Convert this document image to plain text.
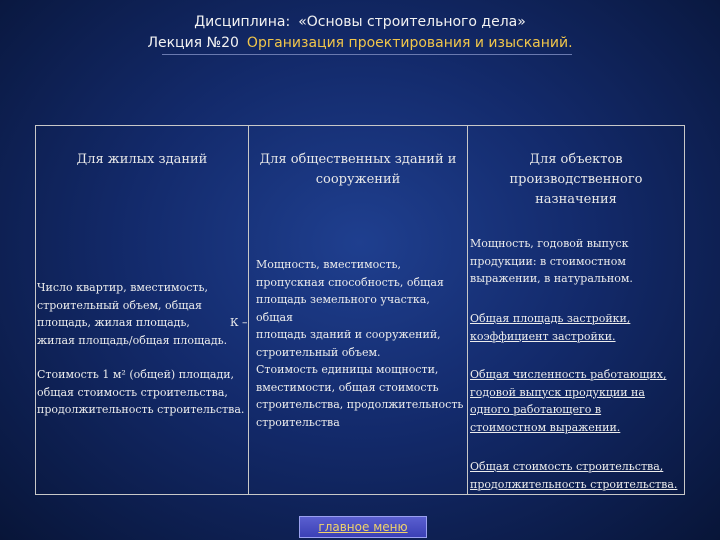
Дисциплина: «Основы строительного дела»
Лекция №20 Организация проектирования и изысканий.
Для жилых зданий
Число квартир, вместимость,
строительный объем, общая
площадь, жилая площадь,
жилая площадь/общая площадь.
К –
Стоимость 1 м² (общей) площади,
общая стоимость строительства,
продолжительность строительства.
Для общественных зданий и
сооружений
Мощность, вместимость,
пропускная способность, общая
площадь земельного участка, общая
площадь зданий и сооружений,
строительный объем.
Стоимость единицы мощности,
вместимости, общая стоимость
строительства, продолжительность
строительства
Для объектов
производственного
назначения
Мощность, годовой выпуск
продукции: в стоимостном
выражении, в натуральном.
Общая площадь застройки,
коэффициент застройки.
Общая численность работающих,
годовой выпуск продукции на
одного работающего в
стоимостном выражении.
Общая стоимость строительства,
продолжительность строительства.
главное меню
